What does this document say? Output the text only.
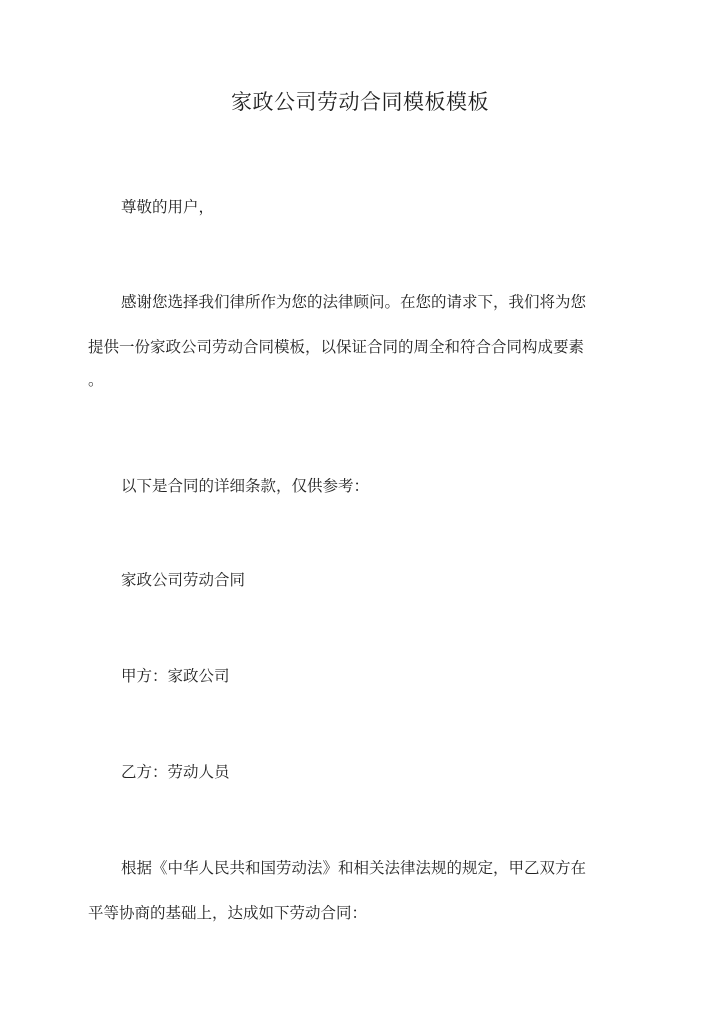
家政公司劳动合同模板模板
尊敬的用户，
感谢您选择我们律所作为您的法律顾问。在您的请求下，我们将为您
提供一份家政公司劳动合同模板，以保证合同的周全和符合合同构成要素
。
以下是合同的详细条款，仅供参考：
家政公司劳动合同
甲方：家政公司
乙方：劳动人员
根据《中华人民共和国劳动法》和相关法律法规的规定，甲乙双方在
平等协商的基础上，达成如下劳动合同：
